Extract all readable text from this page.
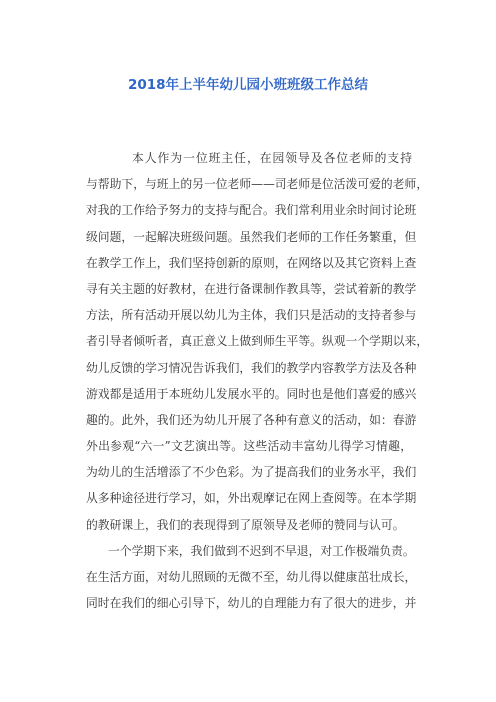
2018年上半年幼儿园小班班级工作总结
本人作为一位班主任，在园领导及各位老师的支持
与帮助下，与班上的另一位老师——司老师是位活泼可爱的老师，
对我的工作给予努力的支持与配合。我们常利用业余时间讨论班
级问题，一起解决班级问题。虽然我们老师的工作任务繁重，但
在教学工作上，我们坚持创新的原则，在网络以及其它资料上查
寻有关主题的好教材，在进行备课制作教具等，尝试着新的教学
方法，所有活动开展以幼儿为主体，我们只是活动的支持者参与
者引导者倾听者，真正意义上做到师生平等。纵观一个学期以来，
幼儿反馈的学习情况告诉我们，我们的教学内容教学方法及各种
游戏都是适用于本班幼儿发展水平的。同时也是他们喜爱的感兴
趣的。此外，我们还为幼儿开展了各种有意义的活动，如：春游
外出参观“六一”文艺演出等。这些活动丰富幼儿得学习情趣，
为幼儿的生活增添了不少色彩。为了提高我们的业务水平，我们
从多种途径进行学习，如，外出观摩记在网上查阅等。在本学期
的教研课上，我们的表现得到了原领导及老师的赞同与认可。
一个学期下来，我们做到不迟到不早退，对工作极端负责。
在生活方面，对幼儿照顾的无微不至，幼儿得以健康茁壮成长，
同时在我们的细心引导下，幼儿的自理能力有了很大的进步，并
